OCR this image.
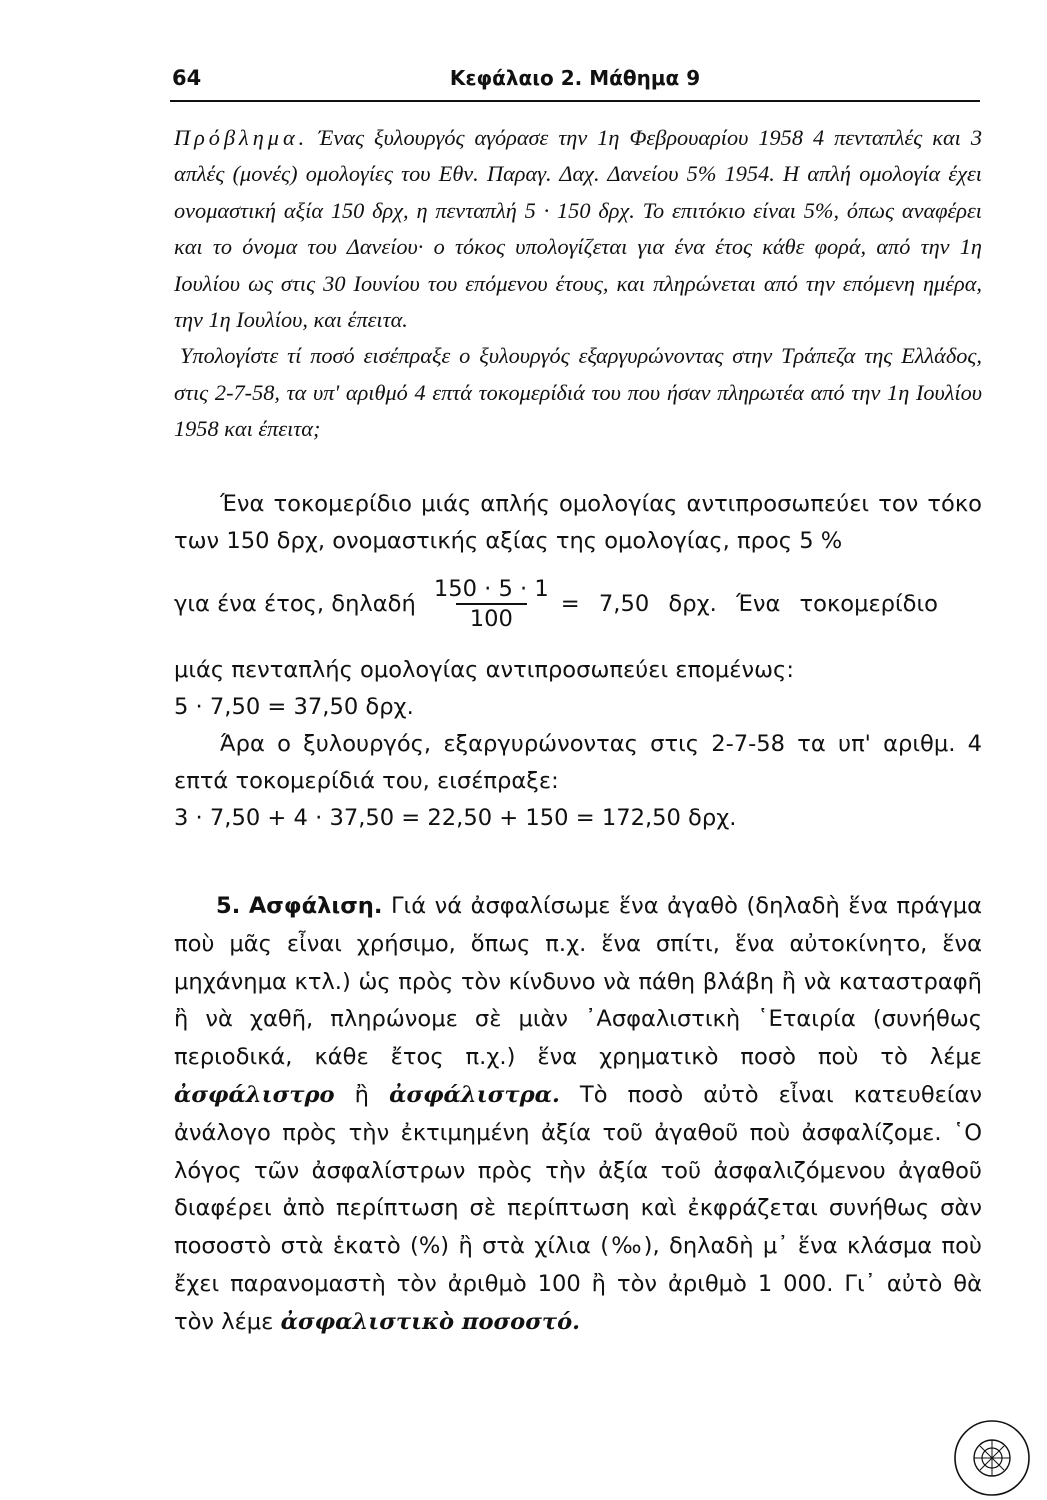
64	Κεφάλαιο 2. Μάθημα 9

Πρόβλημα. Ένας ξυλουργός αγόρασε την 1η Φεβρουαρίου 1958 4 πενταπλές και 3 απλές (μονές) ομολογίες του Εθν. Παραγ. Δαχ. Δανείου 5% 1954. Η απλή ομολογία έχει ονομαστική αξία 150 δρχ, η πενταπλή 5 · 150 δρχ. Το επιτόκιο είναι 5%, όπως αναφέρει και το όνομα του Δανείου· ο τόκος υπολογίζεται για ένα έτος κάθε φορά, από την 1η Ιουλίου ως στις 30 Ιουνίου του επόμενου έτους, και πληρώνεται από την επόμενη ημέρα, την 1η Ιουλίου, και έπειτα.

Υπολογίστε τί ποσό εισέπραξε ο ξυλουργός εξαργυρώνοντας στην Τράπεζα της Ελλάδος, στις 2-7-58, τα υπ' αριθμό 4 επτά τοκομερίδιά του που ήσαν πληρωτέα από την 1η Ιουλίου 1958 και έπειτα;

Ένα τοκομερίδιο μιάς απλής ομολογίας αντιπροσωπεύει τον τόκο των 150 δρχ, ονομαστικής αξίας της ομολογίας, προς 5 %

για ένα έτος, δηλαδή $\frac{150 \cdot 5 \cdot 1}{100} = 7,50$ δρχ. Ένα τοκομερίδιο

μιάς πενταπλής ομολογίας αντιπροσωπεύει επομένως:

5 · 7,50 = 37,50 δρχ.

Άρα ο ξυλουργός, εξαργυρώνοντας στις 2-7-58 τα υπ' αριθμ. 4 επτά τοκομερίδιά του, εισέπραξε:

3 · 7,50 + 4 · 37,50 = 22,50 + 150 = 172,50 δρχ.

5. Ασφάλιση. Γιά νά ἀσφαλίσωμε ἕνα ἀγαθὸ (δηλαδὴ ἕνα πράγμα ποὺ μᾶς εἶναι χρήσιμο, ὅπως π.χ. ἕνα σπίτι, ἕνα αὐτοκίνητο, ἕνα μηχάνημα κτλ.) ὡς πρὸς τὸν κίνδυνο νὰ πάθη βλάβη ἢ νὰ καταστραφῆ ἢ νὰ χαθῆ, πληρώνομε σὲ μιὰν ᾿Ασφαλιστικὴ ῾Εταιρία (συνήθως περιοδικά, κάθε ἔτος π.χ.) ἕνα χρηματικὸ ποσὸ ποὺ τὸ λέμε ἀσφάλιστρο ἢ ἀσφάλιστρα. Τὸ ποσὸ αὐτὸ εἶναι κατευθείαν ἀνάλογο πρὸς τὴν ἐκτιμημένη ἀξία τοῦ ἀγαθοῦ ποὺ ἀσφαλίζομε. ῾Ο λόγος τῶν ἀσφαλίστρων πρὸς τὴν ἀξία τοῦ ἀσφαλιζόμενου ἀγαθοῦ διαφέρει ἀπὸ περίπτωση σὲ περίπτωση καὶ ἐκφράζεται συνήθως σὰν ποσοστὸ στὰ ἑκατὸ (%) ἢ στὰ χίλια (‰), δηλαδὴ μ᾿ ἕνα κλάσμα ποὺ ἔχει παρανομαστὴ τὸν ἀριθμὸ 100 ἢ τὸν ἀριθμὸ 1 000. Γι᾿ αὐτὸ θὰ τὸν λέμε ἀσφαλιστικὸ ποσοστό.
